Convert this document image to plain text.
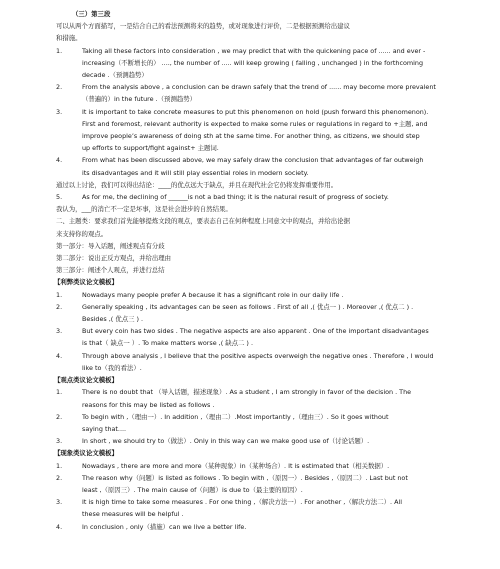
（三）第三段
可以从两个方面描写，一是结合自己的看法预测将来的趋势，或对现象进行评价，二是根据预测给出建议
和措施。
1.	Taking all these factors into consideration , we may predict that with the quickening pace of ...... and ever -
increasing（不断增长的） ...., the number of ..... will keep growing ( falling , unchanged ) in the forthcoming
decade .（预测趋势）
2.	From the analysis above , a conclusion can be drawn safely that the trend of ...... may become more prevalent
（普遍的）in the future .（预测趋势）
3.	It is important to take concrete measures to put this phenomenon on hold (push forward this phenomenon).
First and foremost, relevant authority is expected to make some rules or regulations in regard to +主题, and
improve people’s awareness of doing sth at the same time. For another thing, as citizens, we should step
up efforts to support/fight against+ 主题词.
4.	From what has been discussed above, we may safely draw the conclusion that advantages of far outweigh
its disadvantages and it will still play essential roles in modern society.
通过以上讨论，我们可以得出结论：____的优点远大于缺点，并且在现代社会它仍将发挥重要作用。
5.	As for me, the declining of ______is not a bad thing; it is the natural result of progress of society.
我认为，___的消亡不一定是坏事，这是社会进步的自然结果。
二、主题类：要求我们首先能够提炼文段的观点，要表态自己在何种程度上同意文中的观点，并给出论据
来支持你的观点。
第一部分：导入话题，阐述观点有分歧
第二部分：说出正反方观点，并给出理由
第三部分：阐述个人观点，并进行总结
【利弊类议论文模板】
1.	Nowadays many people prefer A because it has a significant role in our daily life .
2.	Generally speaking , its advantages can be seen as follows . First of all ,( 优点一 ) . Moreover ,( 优点二 ) .
Besides ,( 优点三 ) .
3.	But every coin has two sides . The negative aspects are also apparent . One of the important disadvantages
is that（ 缺点一 ）. To make matters worse ,( 缺点二 ) .
4.	Through above analysis , I believe that the positive aspects overweigh the negative ones . Therefore , I would
like to（我的看法）.
【观点类议论文模板】
1.	There is no doubt that （导入话题，描述现象）. As a student , I am strongly in favor of the decision . The
reasons for this may be listed as follows .
2.	To begin with ,（理由一）. In addition ,（理由二）.Most importantly ,（理由三）. So it goes without
saying that....
3.	In short , we should try to（做法）. Only in this way can we make good use of（讨论话题）.
【现象类议论文模板】
1.	Nowadays , there are more and more（某种现象）in（某种场合）. It is estimated that（相关数据）.
2.	The reason why（问题）is listed as follows . To begin with ,（原因一）. Besides ,（原因二）. Last but not
least ,（原因三）. The main cause of（问题）is due to（最主要的原因）.
3.	It is high time to take some measures . For one thing ,（解决方法一）. For another ,（解决方法二）. All
these measures will be helpful .
4.	In conclusion , only（措施）can we live a better life.
